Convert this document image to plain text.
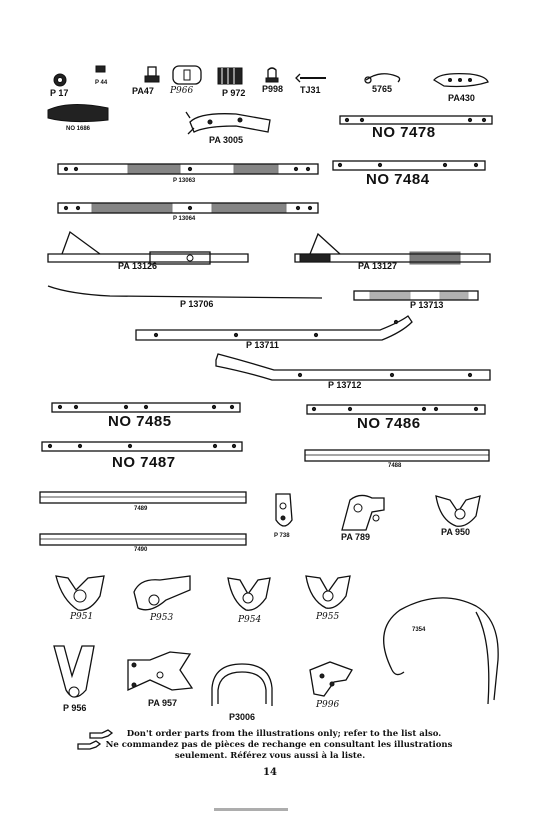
P 17
P 44
PA47 P966	P 972 P998 TJ31	5765
PA430
NO 1686
PA 3005	NO 7478
P 13063	NO 7484
P 13064
PA 13126	PA 13127
P 13706	P 13713
P 13711
P 13712
NO 7485	NO 7486
NO 7487	7488
7489
7490
P 738	PA 789	PA 950
P951	P953	P954	P955
7354
P 956	PA 957
P3006
P996
Don't order parts from the illustrations only; refer to the list also.
Ne commandez pas de pièces de rechange en consultant les illustrations
seulement. Référez vous aussi à la liste.
14
